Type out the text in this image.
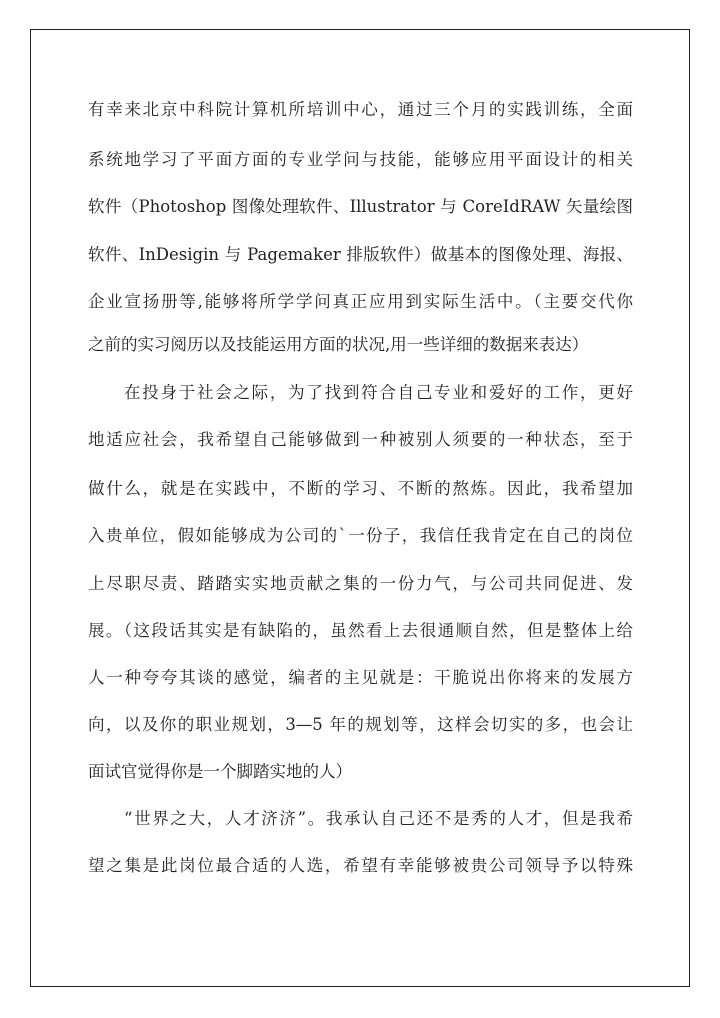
有幸来北京中科院计算机所培训中心，通过三个月的实践训练，全面
系统地学习了平面方面的专业学问与技能，能够应用平面设计的相关
软件（Photoshop 图像处理软件、Illustrator 与 CoreIdRAW 矢量绘图
软件、InDesigin 与 Pagemaker 排版软件）做基本的图像处理、海报、
企业宣扬册等,能够将所学学问真正应用到实际生活中。（主要交代你
之前的实习阅历以及技能运用方面的状况,用一些详细的数据来表达）
在投身于社会之际，为了找到符合自己专业和爱好的工作，更好
地适应社会，我希望自己能够做到一种被别人须要的一种状态，至于
做什么，就是在实践中，不断的学习、不断的熬炼。因此，我希望加
入贵单位，假如能够成为公司的`一份子，我信任我肯定在自己的岗位
上尽职尽责、踏踏实实地贡献之集的一份力气，与公司共同促进、发
展。（这段话其实是有缺陷的，虽然看上去很通顺自然，但是整体上给
人一种夸夸其谈的感觉，编者的主见就是：干脆说出你将来的发展方
向，以及你的职业规划，3—5 年的规划等，这样会切实的多，也会让
面试官觉得你是一个脚踏实地的人）
“世界之大，人才济济”。我承认自己还不是秀的人才，但是我希
望之集是此岗位最合适的人选，希望有幸能够被贵公司领导予以特殊
